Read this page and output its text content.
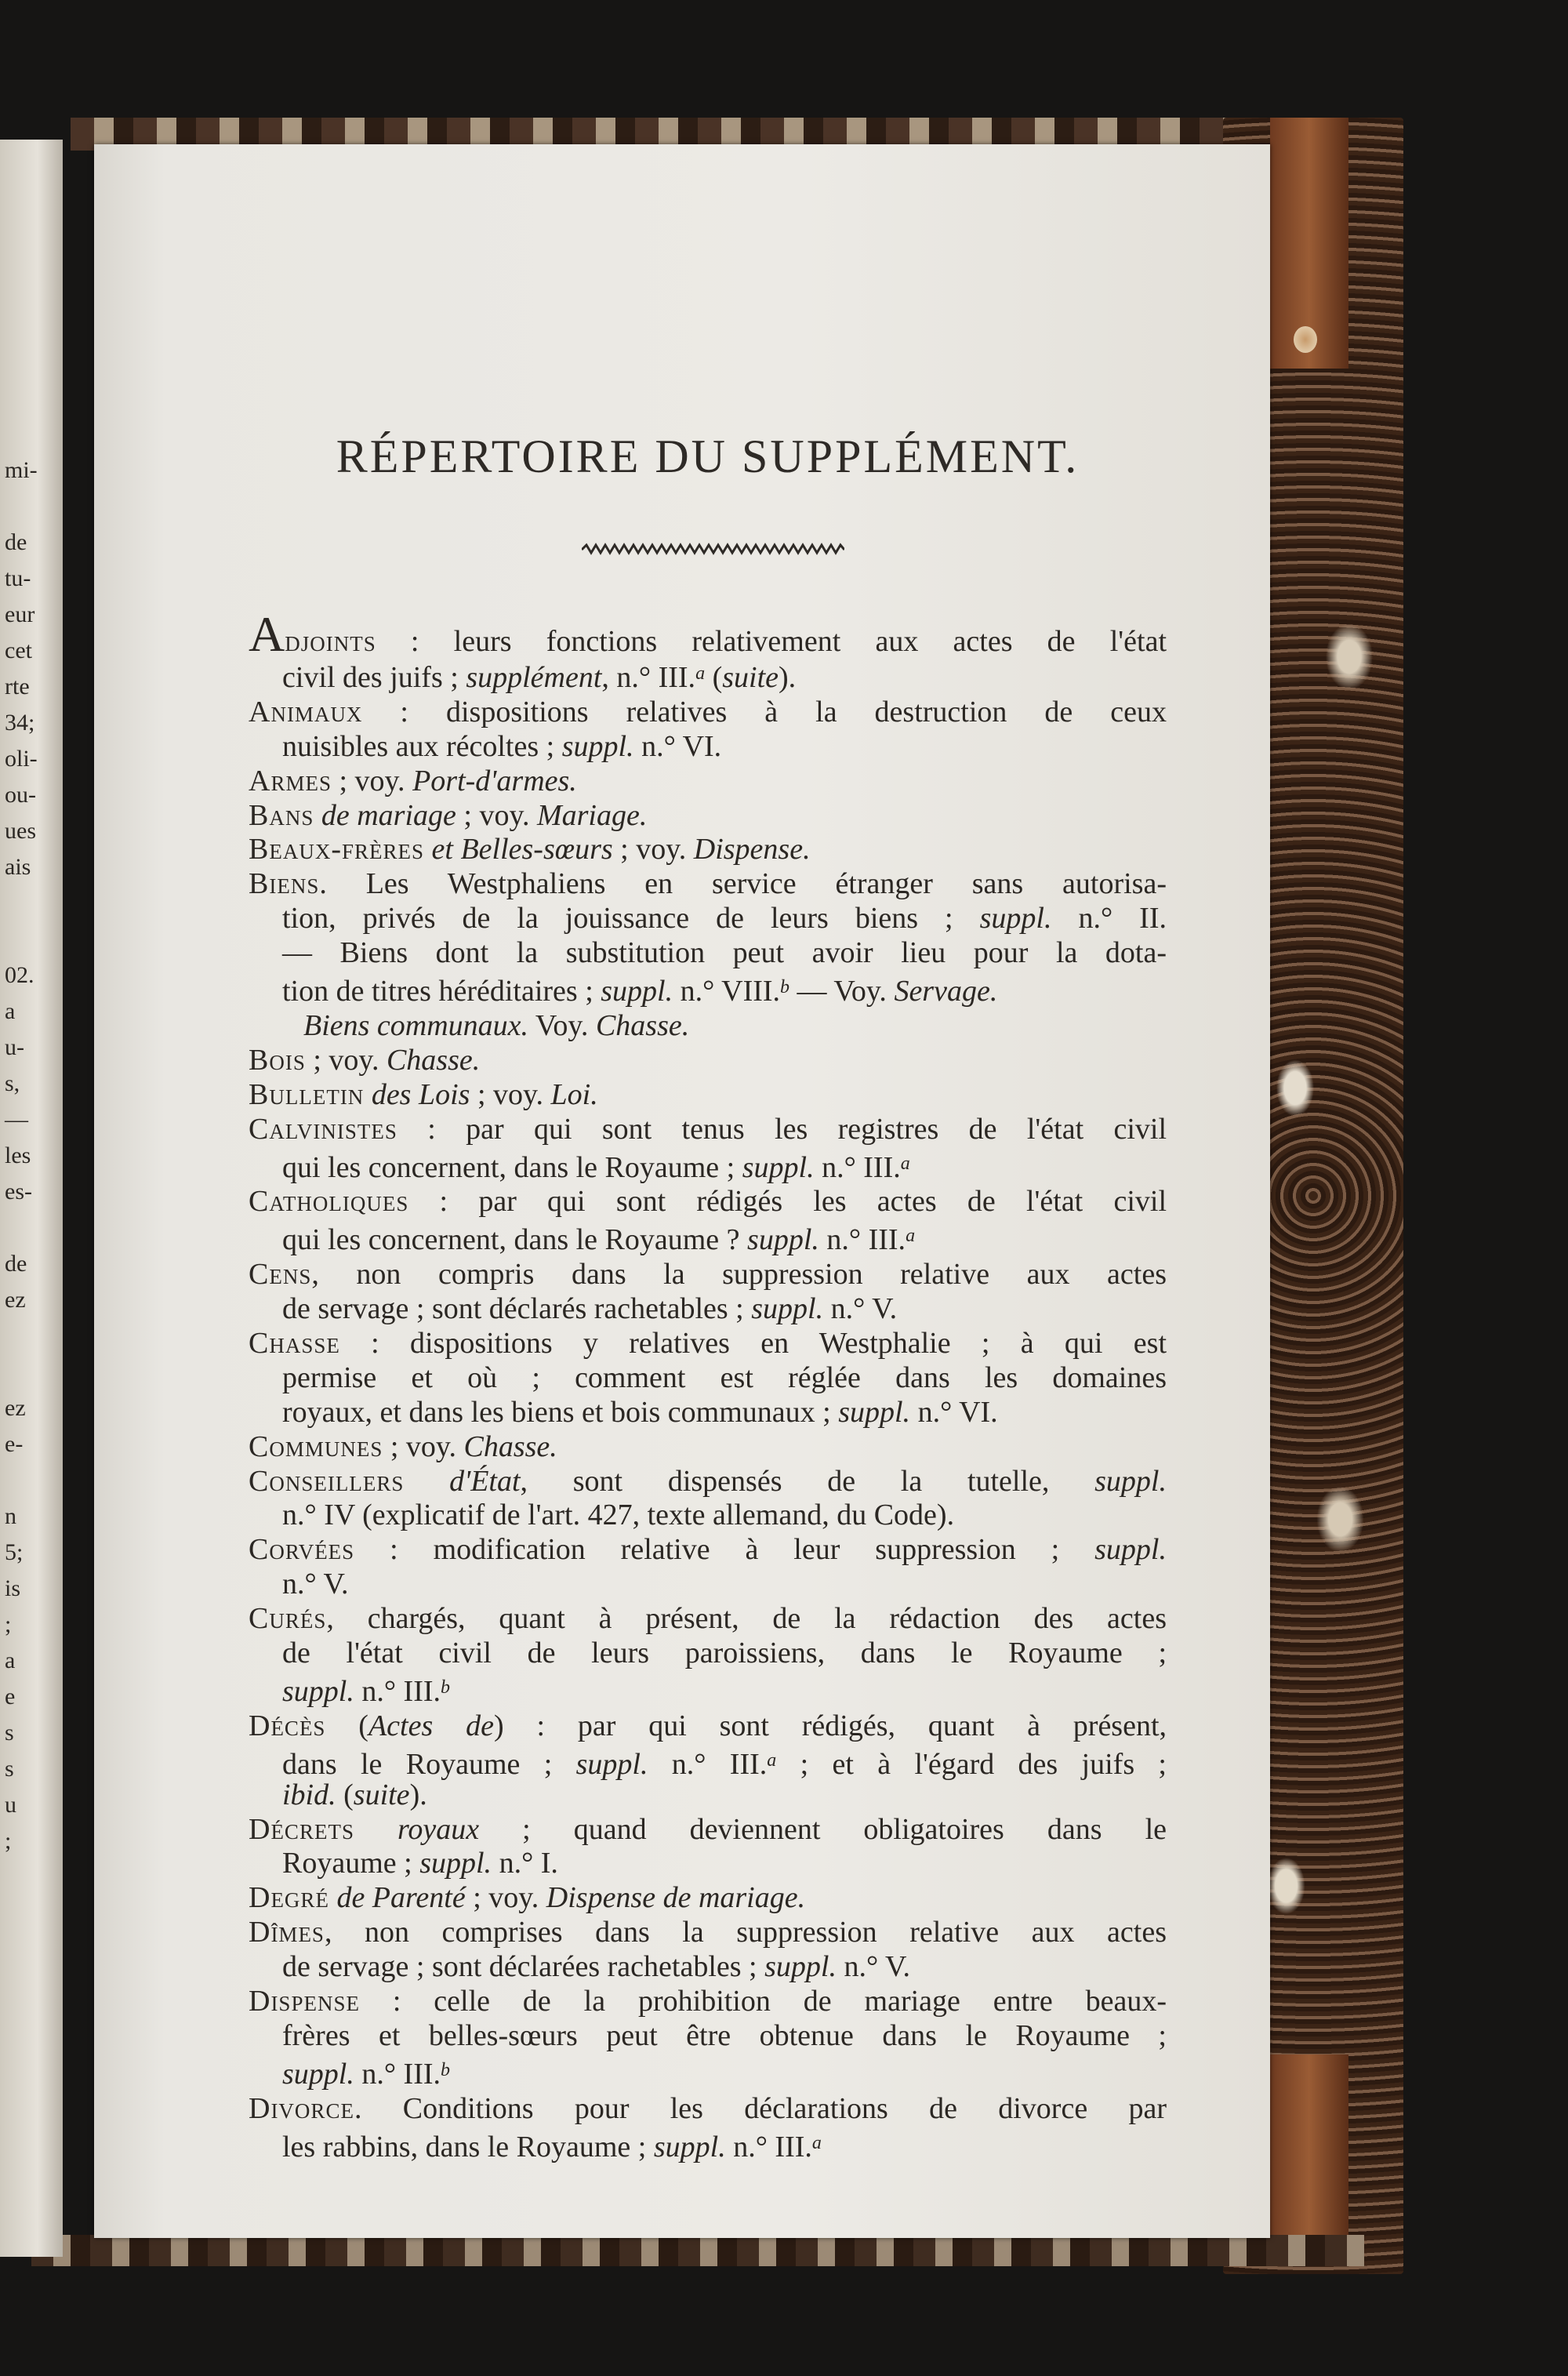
mi-
de
tu-
eur
cet
rte
34;
oli-
ou-
ues
ais
02.
a
u-
s,
—
les
es-
de
ez
ez
e-
n
5;
is
;
a
e
s
s
u
;
RÉPERTOIRE DU SUPPLÉMENT.
Adjoints : leurs fonctions relativement aux actes de l'état
civil des juifs ; supplément, n.° III.$^a$ (suite).
Animaux : dispositions relatives à la destruction de ceux
nuisibles aux récoltes ; suppl. n.° VI.
Armes ; voy. Port-d'armes.
Bans de mariage ; voy. Mariage.
Beaux-frères et Belles-sœurs ; voy. Dispense.
Biens. Les Westphaliens en service étranger sans autorisa-
tion, privés de la jouissance de leurs biens ; suppl. n.° II.
— Biens dont la substitution peut avoir lieu pour la dota-
tion de titres héréditaires ; suppl. n.° VIII.$^b$ — Voy. Servage.
Biens communaux. Voy. Chasse.
Bois ; voy. Chasse.
Bulletin des Lois ; voy. Loi.
Calvinistes : par qui sont tenus les registres de l'état civil
qui les concernent, dans le Royaume ; suppl. n.° III.$^a$
Catholiques : par qui sont rédigés les actes de l'état civil
qui les concernent, dans le Royaume ? suppl. n.° III.$^a$
Cens, non compris dans la suppression relative aux actes
de servage ; sont déclarés rachetables ; suppl. n.° V.
Chasse : dispositions y relatives en Westphalie ; à qui est
permise et où ; comment est réglée dans les domaines
royaux, et dans les biens et bois communaux ; suppl. n.° VI.
Communes ; voy. Chasse.
Conseillers d'État, sont dispensés de la tutelle, suppl.
n.° IV (explicatif de l'art. 427, texte allemand, du Code).
Corvées : modification relative à leur suppression ; suppl.
n.° V.
Curés, chargés, quant à présent, de la rédaction des actes
de l'état civil de leurs paroissiens, dans le Royaume ;
suppl. n.° III.$^b$
Décès (Actes de) : par qui sont rédigés, quant à présent,
dans le Royaume ; suppl. n.° III.$^a$ ; et à l'égard des juifs ;
ibid. (suite).
Décrets royaux ; quand deviennent obligatoires dans le
Royaume ; suppl. n.° I.
Degré de Parenté ; voy. Dispense de mariage.
Dîmes, non comprises dans la suppression relative aux actes
de servage ; sont déclarées rachetables ; suppl. n.° V.
Dispense : celle de la prohibition de mariage entre beaux-
frères et belles-sœurs peut être obtenue dans le Royaume ;
suppl. n.° III.$^b$
Divorce. Conditions pour les déclarations de divorce par
les rabbins, dans le Royaume ; suppl. n.° III.$^a$
